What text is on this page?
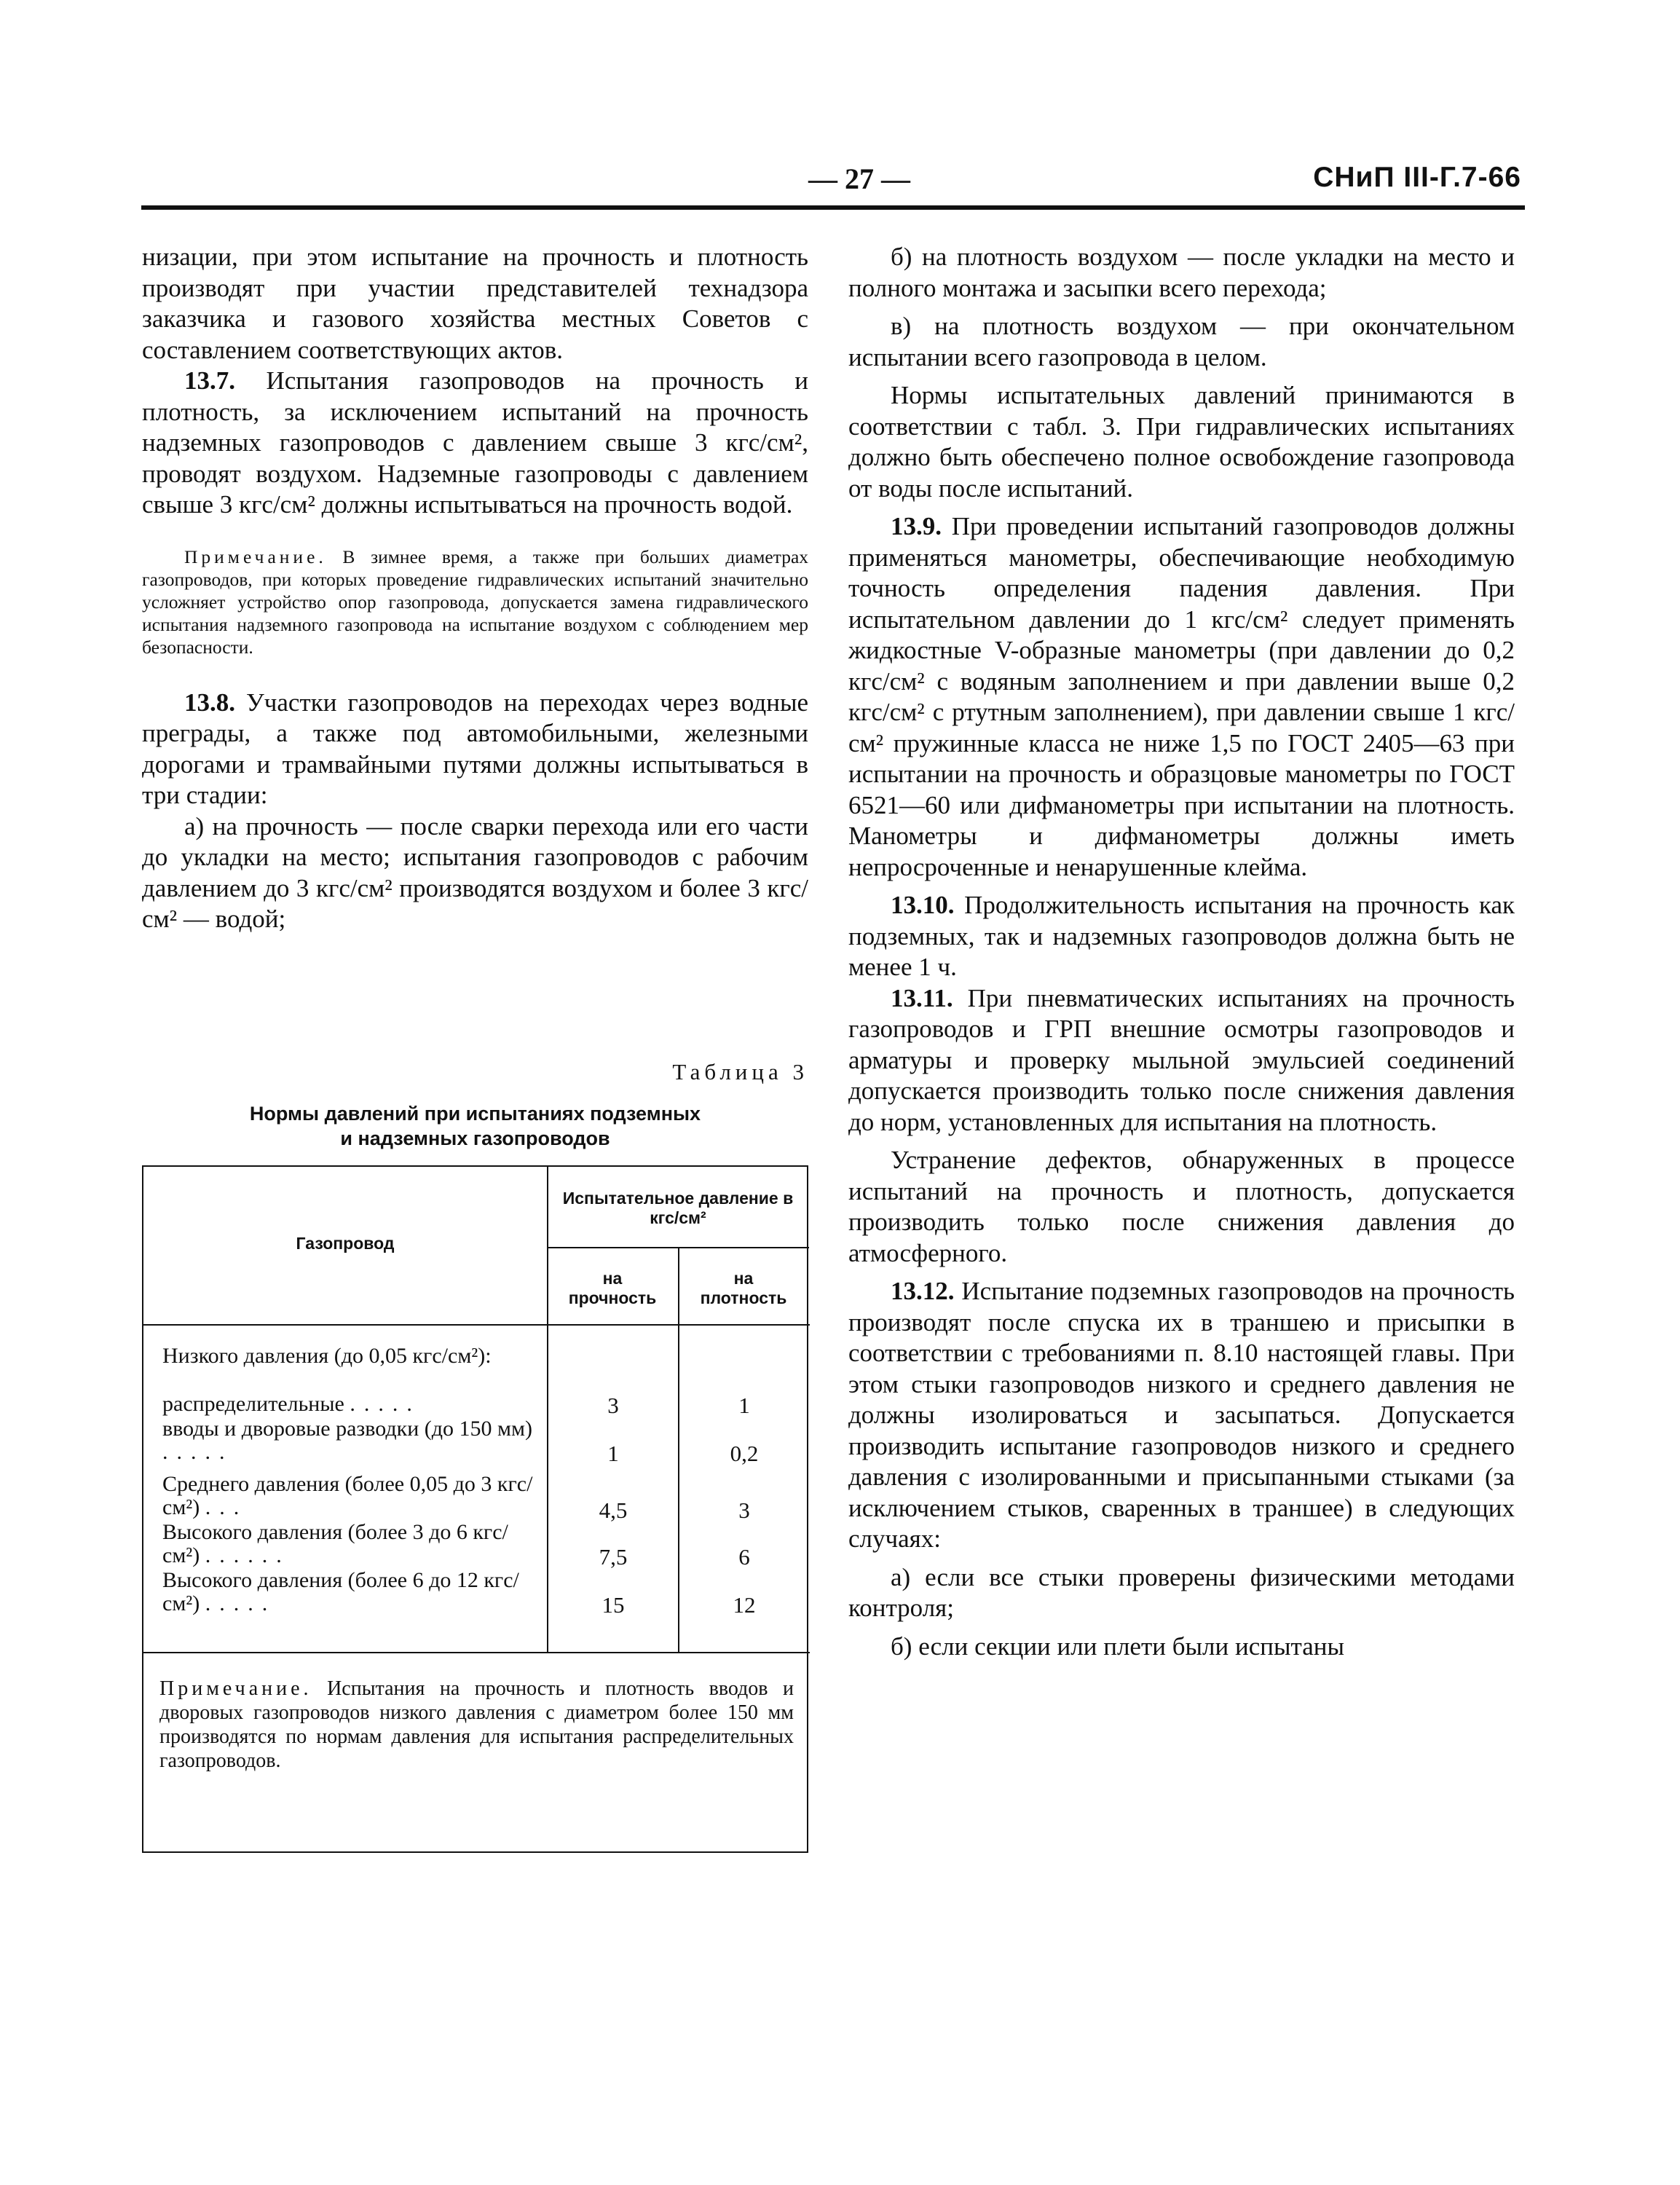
— 27 —	СНиП III-Г.7-66

низации, при этом испытание на прочность и плотность производят при участии представителей технадзора заказчика и газового хозяйства местных Советов с составлением соответствующих актов.

13.7. Испытания газопроводов на прочность и плотность, за исключением испытаний на прочность надземных газопроводов с давлением свыше 3 кгс/см², проводят воздухом. Надземные газопроводы с давлением свыше 3 кгс/см² должны испытываться на прочность водой.

Примечание. В зимнее время, а также при больших диаметрах газопроводов, при которых проведение гидравлических испытаний значительно усложняет устройство опор газопровода, допускается замена гидравлического испытания надземного газопровода на испытание воздухом с соблюдением мер безопасности.

13.8. Участки газопроводов на переходах через водные преграды, а также под автомобильными, железными дорогами и трамвайными путями должны испытываться в три стадии:

а) на прочность — после сварки перехода или его части до укладки на место; испытания газопроводов с рабочим давлением до 3 кгс/см² производятся воздухом и более 3 кгс/см² — водой;

Таблица 3
Нормы давлений при испытаниях подземных
и надземных газопроводов
Газопровод
Испытательное давление в кгс/см²
на прочность
на плотность
Низкого давления (до 0,05 кгс/см²):
распределительные .....	3	1
вводы и дворовые разводки (до 150 мм) .....	1	0,2
Среднего давления (более 0,05 до 3 кгс/см²) ...	4,5	3
Высокого давления (более 3 до 6 кгс/см²) ......	7,5	6
Высокого давления (более 6 до 12 кгс/см²) .....	15	12
Примечание. Испытания на прочность и плотность вводов и дворовых газопроводов низкого давления с диаметром более 150 мм производятся по нормам давления для испытания распределительных газопроводов.

б) на плотность воздухом — после укладки на место и полного монтажа и засыпки всего перехода;

в) на плотность воздухом — при окончательном испытании всего газопровода в целом.

Нормы испытательных давлений принимаются в соответствии с табл. 3. При гидравлических испытаниях должно быть обеспечено полное освобождение газопровода от воды после испытаний.

13.9. При проведении испытаний газопроводов должны применяться манометры, обеспечивающие необходимую точность определения падения давления. При испытательном давлении до 1 кгс/см² следует применять жидкостные V-образные манометры (при давлении до 0,2 кгс/см² с водяным заполнением и при давлении выше 0,2 кгс/см² с ртутным заполнением), при давлении свыше 1 кгс/см² пружинные класса не ниже 1,5 по ГОСТ 2405—63 при испытании на прочность и образцовые манометры по ГОСТ 6521—60 или дифманометры при испытании на плотность. Манометры и дифманометры должны иметь непросроченные и ненарушенные клейма.

13.10. Продолжительность испытания на прочность как подземных, так и надземных газопроводов должна быть не менее 1 ч.

13.11. При пневматических испытаниях на прочность газопроводов и ГРП внешние осмотры газопроводов и арматуры и проверку мыльной эмульсией соединений допускается производить только после снижения давления до норм, установленных для испытания на плотность.

Устранение дефектов, обнаруженных в процессе испытаний на прочность и плотность, допускается производить только после снижения давления до атмосферного.

13.12. Испытание подземных газопроводов на прочность производят после спуска их в траншею и присыпки в соответствии с требованиями п. 8.10 настоящей главы. При этом стыки газопроводов низкого и среднего давления не должны изолироваться и засыпаться. Допускается производить испытание газопроводов низкого и среднего давления с изолированными и присыпанными стыками (за исключением стыков, сваренных в траншее) в следующих случаях:

а) если все стыки проверены физическими методами контроля;

б) если секции или плети были испытаны
